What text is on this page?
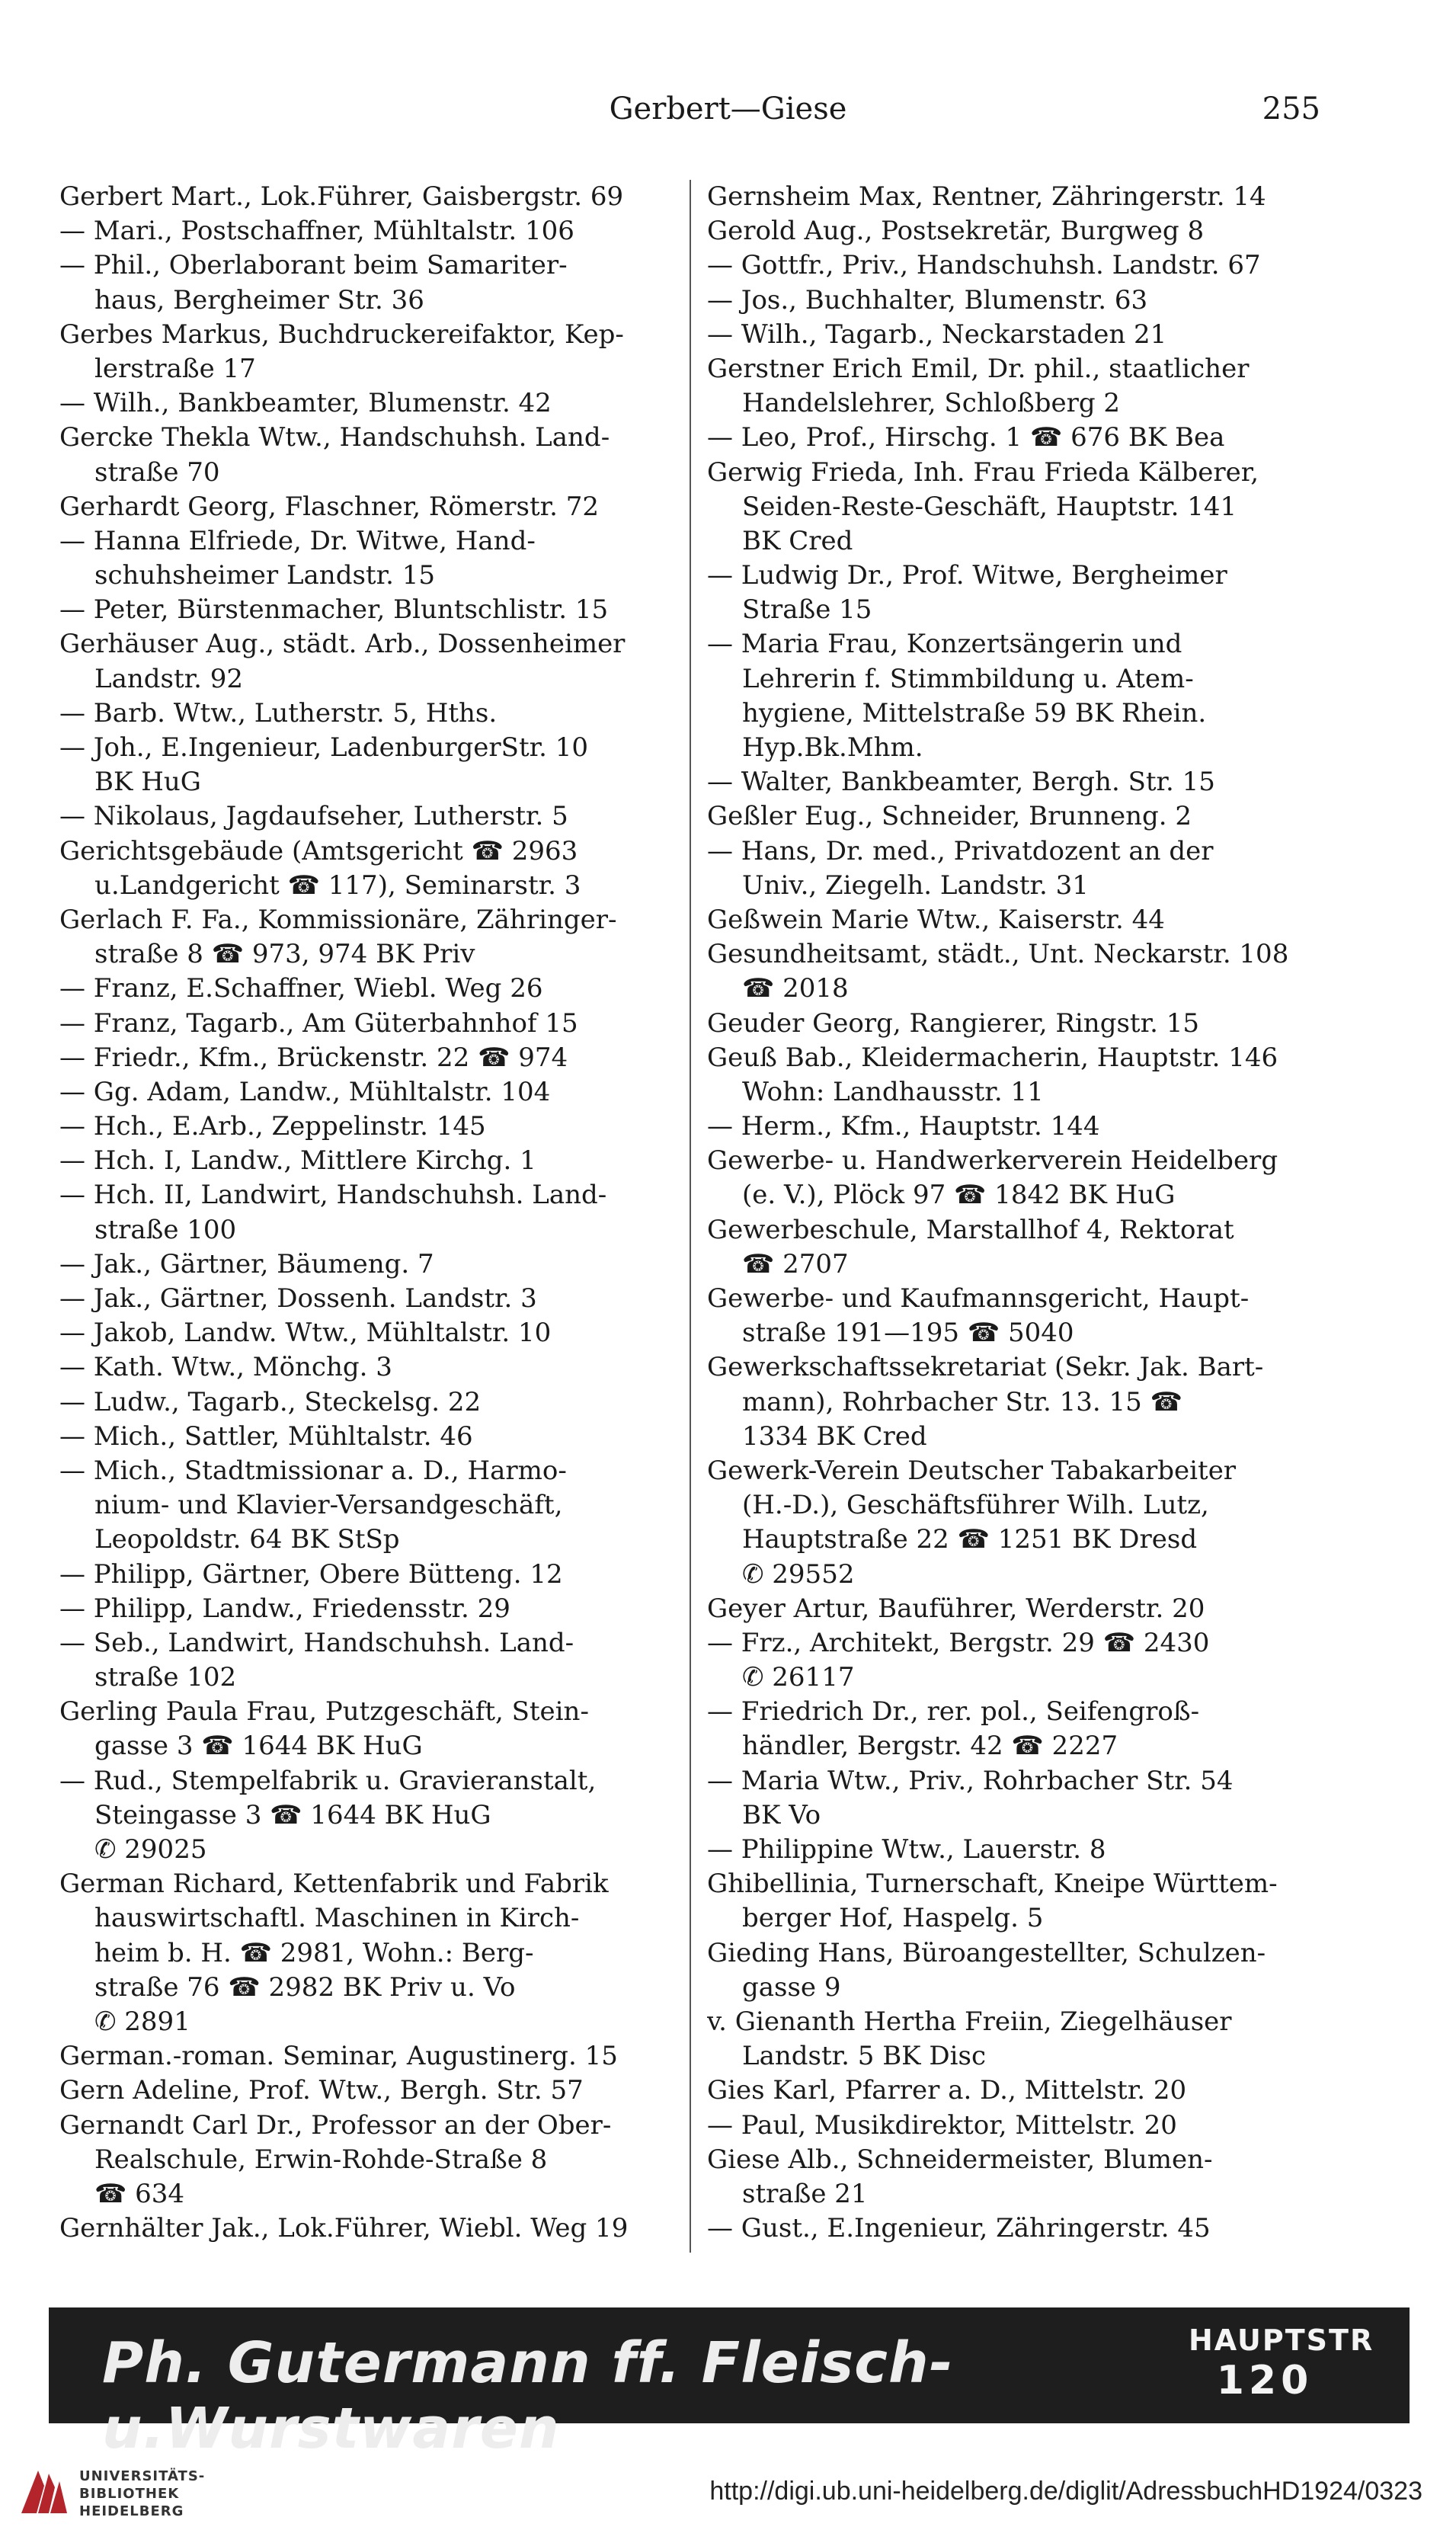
Gerbert—Giese	255
Gerbert Mart., Lok.Führer, Gaisbergstr. 69
— Mari., Postschaffner, Mühltalstr. 106
— Phil., Oberlaborant beim Samariter-
haus, Bergheimer Str. 36
Gerbes Markus, Buchdruckereifaktor, Kep-
lerstraße 17
— Wilh., Bankbeamter, Blumenstr. 42
Gercke Thekla Wtw., Handschuhsh. Land-
straße 70
Gerhardt Georg, Flaschner, Römerstr. 72
— Hanna Elfriede, Dr. Witwe, Hand-
schuhsheimer Landstr. 15
— Peter, Bürstenmacher, Bluntschlistr. 15
Gerhäuser Aug., städt. Arb., Dossenheimer
Landstr. 92
— Barb. Wtw., Lutherstr. 5, Hths.
— Joh., E.Ingenieur, LadenburgerStr. 10
BK HuG
— Nikolaus, Jagdaufseher, Lutherstr. 5
Gerichtsgebäude (Amtsgericht ☎ 2963
u.Landgericht ☎ 117), Seminarstr. 3
Gerlach F. Fa., Kommissionäre, Zähringer-
straße 8 ☎ 973, 974 BK Priv
— Franz, E.Schaffner, Wiebl. Weg 26
— Franz, Tagarb., Am Güterbahnhof 15
— Friedr., Kfm., Brückenstr. 22 ☎ 974
— Gg. Adam, Landw., Mühltalstr. 104
— Hch., E.Arb., Zeppelinstr. 145
— Hch. I, Landw., Mittlere Kirchg. 1
— Hch. II, Landwirt, Handschuhsh. Land-
straße 100
— Jak., Gärtner, Bäumeng. 7
— Jak., Gärtner, Dossenh. Landstr. 3
— Jakob, Landw. Wtw., Mühltalstr. 10
— Kath. Wtw., Mönchg. 3
— Ludw., Tagarb., Steckelsg. 22
— Mich., Sattler, Mühltalstr. 46
— Mich., Stadtmissionar a. D., Harmo-
nium- und Klavier-Versandgeschäft,
Leopoldstr. 64 BK StSp
— Philipp, Gärtner, Obere Bütteng. 12
— Philipp, Landw., Friedensstr. 29
— Seb., Landwirt, Handschuhsh. Land-
straße 102
Gerling Paula Frau, Putzgeschäft, Stein-
gasse 3 ☎ 1644 BK HuG
— Rud., Stempelfabrik u. Gravieranstalt,
Steingasse 3 ☎ 1644 BK HuG
✆ 29025
German Richard, Kettenfabrik und Fabrik
hauswirtschaftl. Maschinen in Kirch-
heim b. H. ☎ 2981, Wohn.: Berg-
straße 76 ☎ 2982 BK Priv u. Vo
✆ 2891
German.-roman. Seminar, Augustinerg. 15
Gern Adeline, Prof. Wtw., Bergh. Str. 57
Gernandt Carl Dr., Professor an der Ober-
Realschule, Erwin-Rohde-Straße 8
☎ 634
Gernhälter Jak., Lok.Führer, Wiebl. Weg 19
Gernsheim Max, Rentner, Zähringerstr. 14
Gerold Aug., Postsekretär, Burgweg 8
— Gottfr., Priv., Handschuhsh. Landstr. 67
— Jos., Buchhalter, Blumenstr. 63
— Wilh., Tagarb., Neckarstaden 21
Gerstner Erich Emil, Dr. phil., staatlicher
Handelslehrer, Schloßberg 2
— Leo, Prof., Hirschg. 1 ☎ 676 BK Bea
Gerwig Frieda, Inh. Frau Frieda Kälberer,
Seiden-Reste-Geschäft, Hauptstr. 141
BK Cred
— Ludwig Dr., Prof. Witwe, Bergheimer
Straße 15
— Maria Frau, Konzertsängerin und
Lehrerin f. Stimmbildung u. Atem-
hygiene, Mittelstraße 59 BK Rhein.
Hyp.Bk.Mhm.
— Walter, Bankbeamter, Bergh. Str. 15
Geßler Eug., Schneider, Brunneng. 2
— Hans, Dr. med., Privatdozent an der
Univ., Ziegelh. Landstr. 31
Geßwein Marie Wtw., Kaiserstr. 44
Gesundheitsamt, städt., Unt. Neckarstr. 108
☎ 2018
Geuder Georg, Rangierer, Ringstr. 15
Geuß Bab., Kleidermacherin, Hauptstr. 146
Wohn: Landhausstr. 11
— Herm., Kfm., Hauptstr. 144
Gewerbe- u. Handwerkerverein Heidelberg
(e. V.), Plöck 97 ☎ 1842 BK HuG
Gewerbeschule, Marstallhof 4, Rektorat
☎ 2707
Gewerbe- und Kaufmannsgericht, Haupt-
straße 191—195 ☎ 5040
Gewerkschaftssekretariat (Sekr. Jak. Bart-
mann), Rohrbacher Str. 13. 15 ☎
1334 BK Cred
Gewerk-Verein Deutscher Tabakarbeiter
(H.-D.), Geschäftsführer Wilh. Lutz,
Hauptstraße 22 ☎ 1251 BK Dresd
✆ 29552
Geyer Artur, Bauführer, Werderstr. 20
— Frz., Architekt, Bergstr. 29 ☎ 2430
✆ 26117
— Friedrich Dr., rer. pol., Seifengroß-
händler, Bergstr. 42 ☎ 2227
— Maria Wtw., Priv., Rohrbacher Str. 54
BK Vo
— Philippine Wtw., Lauerstr. 8
Ghibellinia, Turnerschaft, Kneipe Württem-
berger Hof, Haspelg. 5
Gieding Hans, Büroangestellter, Schulzen-
gasse 9
v. Gienanth Hertha Freiin, Ziegelhäuser
Landstr. 5 BK Disc
Gies Karl, Pfarrer a. D., Mittelstr. 20
— Paul, Musikdirektor, Mittelstr. 20
Giese Alb., Schneidermeister, Blumen-
straße 21
— Gust., E.Ingenieur, Zähringerstr. 45
Ph. Gutermann ff. Fleisch-u.Wurstwaren
HAUPTSTR
120
UNIVERSITÄTS-
BIBLIOTHEK
HEIDELBERG
http://digi.ub.uni-heidelberg.de/diglit/AdressbuchHD1924/0323
